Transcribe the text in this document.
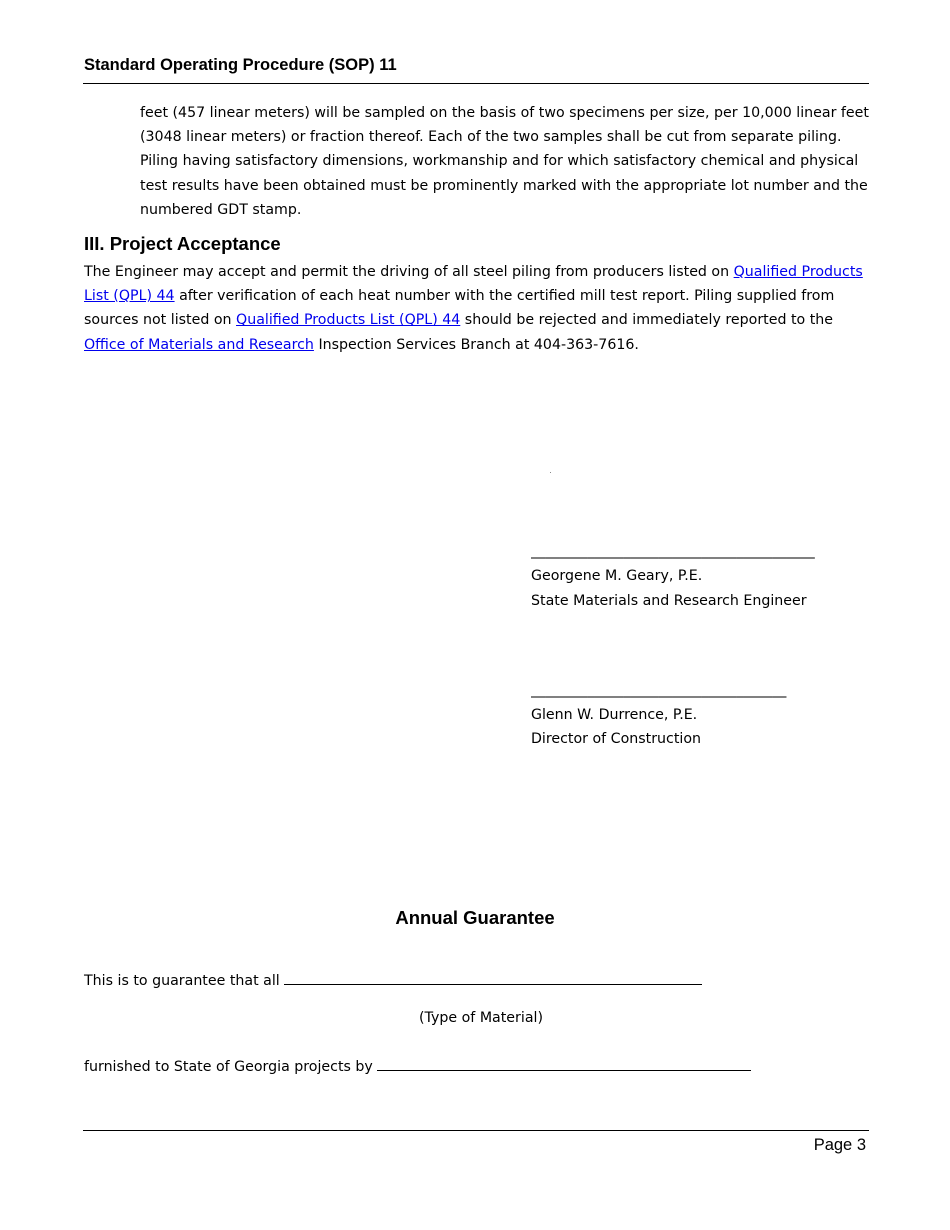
Standard Operating Procedure (SOP) 11
feet (457 linear meters) will be sampled on the basis of two specimens per size, per 10,000 linear feet (3048 linear meters) or fraction thereof. Each of the two samples shall be cut from separate piling. Piling having satisfactory dimensions, workmanship and for which satisfactory chemical and physical test results have been obtained must be prominently marked with the appropriate lot number and the numbered GDT stamp.
III. Project Acceptance
The Engineer may accept and permit the driving of all steel piling from producers listed on Qualified Products List (QPL) 44 after verification of each heat number with the certified mill test report. Piling supplied from sources not listed on Qualified Products List (QPL) 44 should be rejected and immediately reported to the Office of Materials and Research Inspection Services Branch at 404-363-7616.
________________________________________
Georgene M. Geary, P.E.
State Materials and Research Engineer
____________________________________
Glenn W. Durrence, P.E.
Director of Construction
Annual Guarantee
This is to guarantee that all
(Type of Material)
furnished to State of Georgia projects by
Page 3
